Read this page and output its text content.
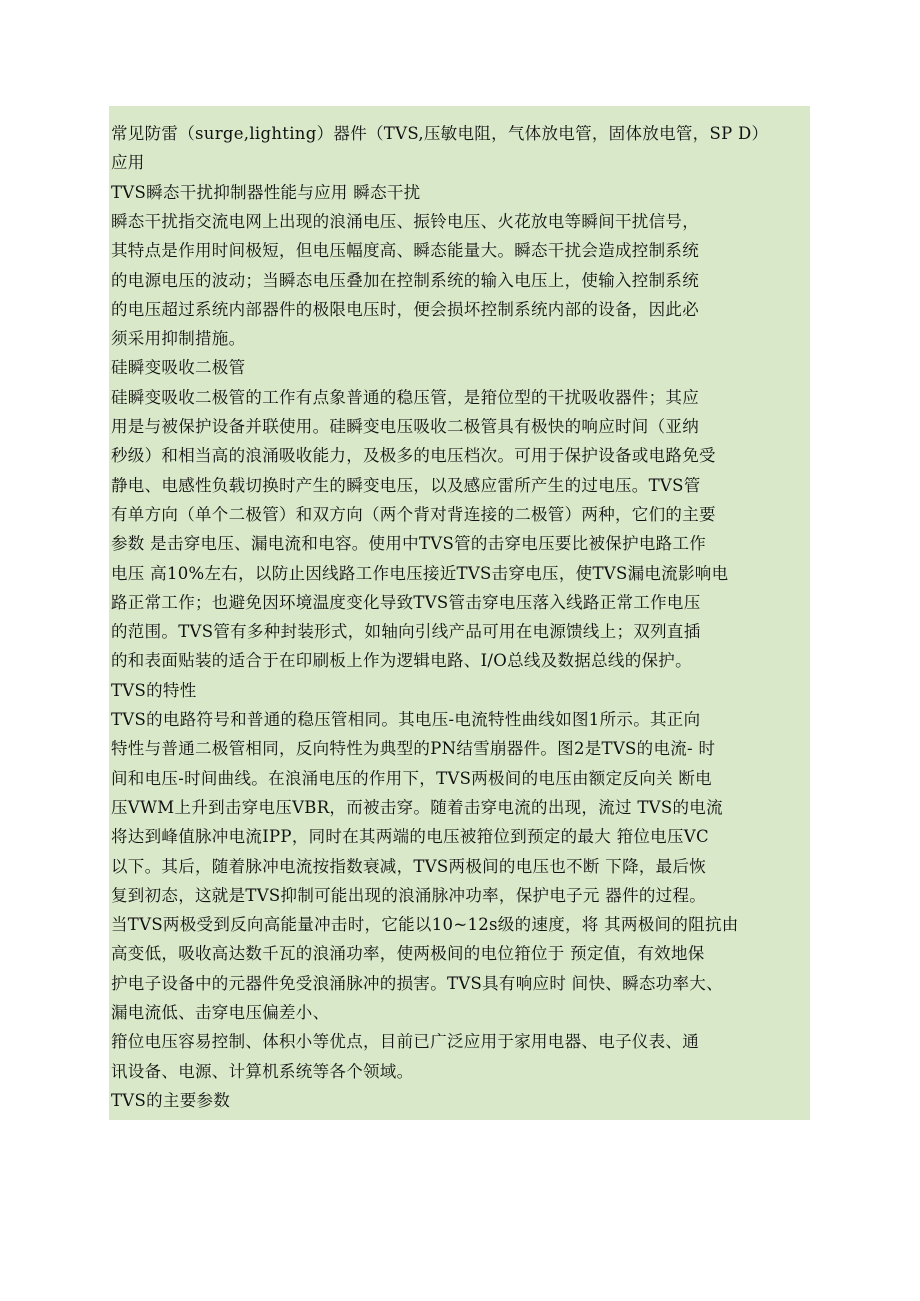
常见防雷（surge,lighting）器件（TVS,压敏电阻，气体放电管，固体放电管，SP D）
应用
TVS瞬态干扰抑制器性能与应用 瞬态干扰
瞬态干扰指交流电网上出现的浪涌电压、振铃电压、火花放电等瞬间干扰信号，
其特点是作用时间极短，但电压幅度高、瞬态能量大。瞬态干扰会造成控制系统
的电源电压的波动；当瞬态电压叠加在控制系统的输入电压上，使输入控制系统
的电压超过系统内部器件的极限电压时，便会损坏控制系统内部的设备，因此必
须采用抑制措施。
硅瞬变吸收二极管
硅瞬变吸收二极管的工作有点象普通的稳压管，是箝位型的干扰吸收器件；其应
用是与被保护设备并联使用。硅瞬变电压吸收二极管具有极快的响应时间（亚纳
秒级）和相当高的浪涌吸收能力，及极多的电压档次。可用于保护设备或电路免受
静电、电感性负载切换时产生的瞬变电压，以及感应雷所产生的过电压。TVS管
有单方向（单个二极管）和双方向（两个背对背连接的二极管）两种，它们的主要
参数 是击穿电压、漏电流和电容。使用中TVS管的击穿电压要比被保护电路工作
电压 高10%左右，以防止因线路工作电压接近TVS击穿电压，使TVS漏电流影响电
路正常工作；也避免因环境温度变化导致TVS管击穿电压落入线路正常工作电压
的范围。TVS管有多种封装形式，如轴向引线产品可用在电源馈线上；双列直插
的和表面贴装的适合于在印刷板上作为逻辑电路、I/O总线及数据总线的保护。
TVS的特性
TVS的电路符号和普通的稳压管相同。其电压-电流特性曲线如图1所示。其正向
特性与普通二极管相同，反向特性为典型的PN结雪崩器件。图2是TVS的电流- 时
间和电压-时间曲线。在浪涌电压的作用下，TVS两极间的电压由额定反向关 断电
压VWM上升到击穿电压VBR，而被击穿。随着击穿电流的出现，流过 TVS的电流
将达到峰值脉冲电流IPP，同时在其两端的电压被箝位到预定的最大 箝位电压VC
以下。其后，随着脉冲电流按指数衰减，TVS两极间的电压也不断 下降，最后恢
复到初态，这就是TVS抑制可能出现的浪涌脉冲功率，保护电子元 器件的过程。
当TVS两极受到反向高能量冲击时，它能以10~12s级的速度，将 其两极间的阻抗由
高变低，吸收高达数千瓦的浪涌功率，使两极间的电位箝位于 预定值，有效地保
护电子设备中的元器件免受浪涌脉冲的损害。TVS具有响应时 间快、瞬态功率大、
漏电流低、击穿电压偏差小、
箝位电压容易控制、体积小等优点，目前已广泛应用于家用电器、电子仪表、通
讯设备、电源、计算机系统等各个领域。
TVS的主要参数
